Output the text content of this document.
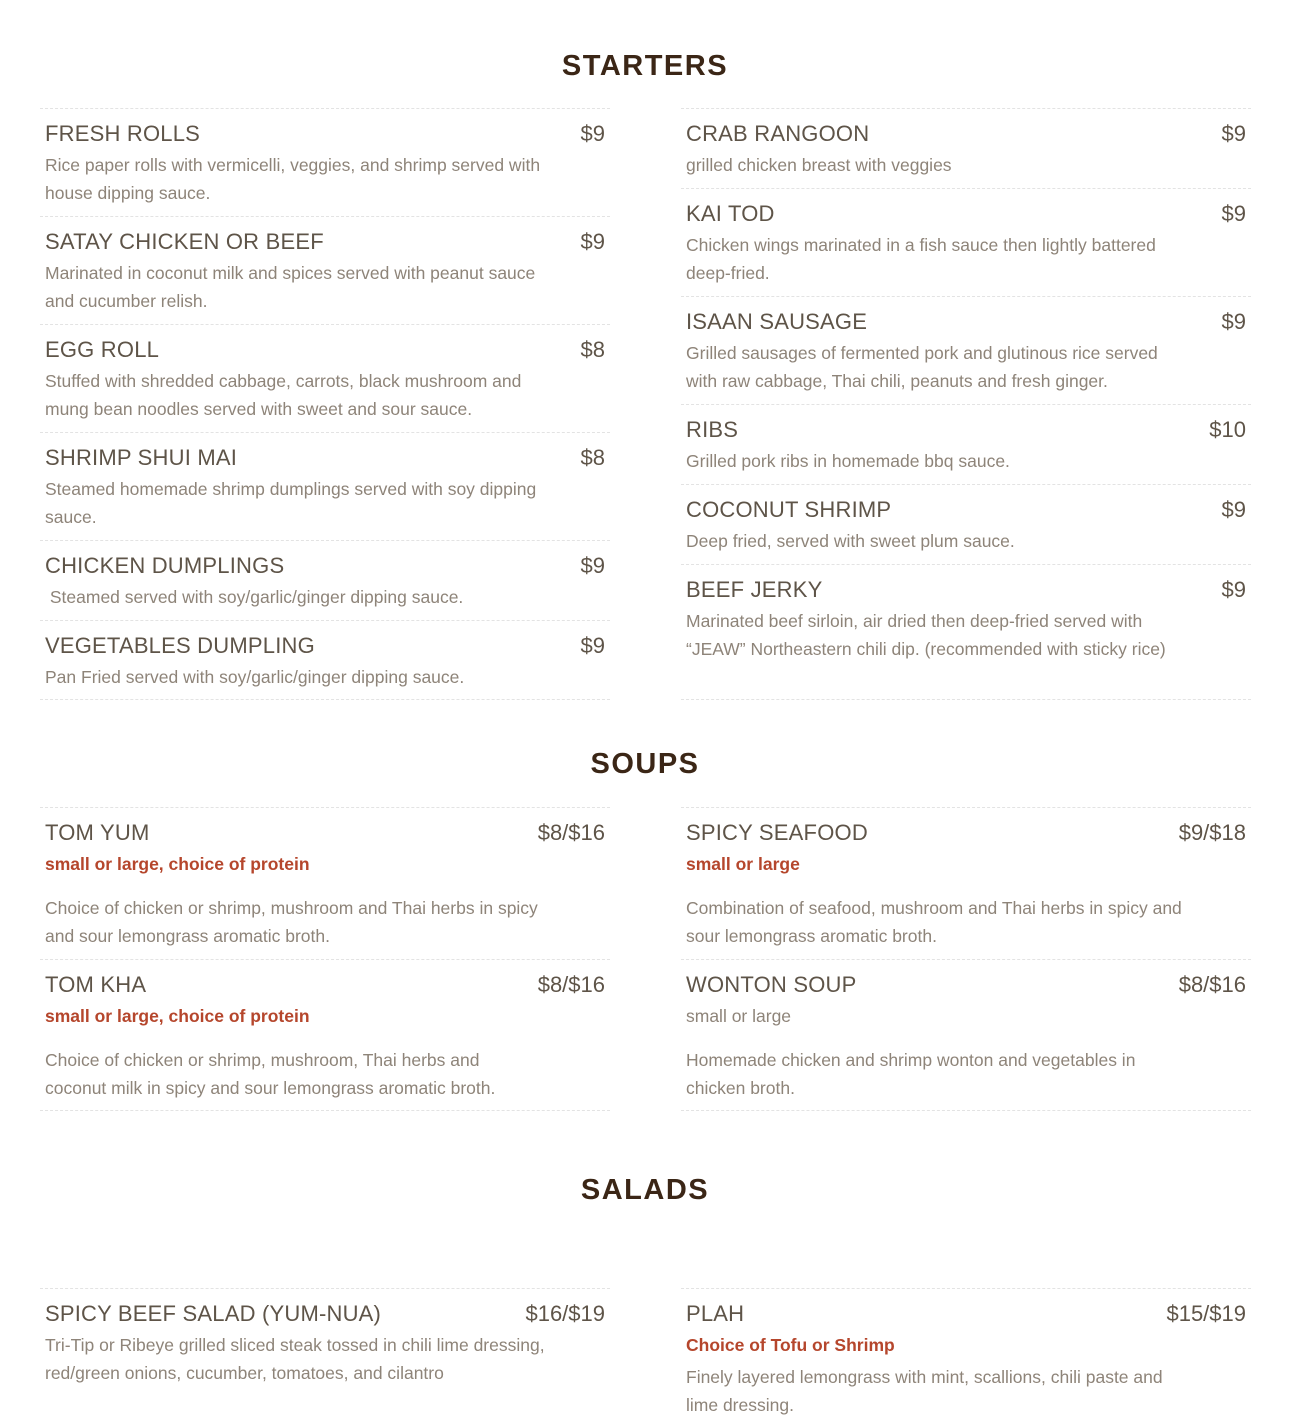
STARTERS
FRESH ROLLS	$9
Rice paper rolls with vermicelli, veggies, and shrimp served with house dipping sauce.
SATAY CHICKEN OR BEEF	$9
Marinated in coconut milk and spices served with peanut sauce and cucumber relish.
EGG ROLL	$8
Stuffed with shredded cabbage, carrots, black mushroom and mung bean noodles served with sweet and sour sauce.
SHRIMP SHUI MAI	$8
Steamed homemade shrimp dumplings served with soy dipping sauce.
CHICKEN DUMPLINGS	$9
Steamed served with soy/garlic/ginger dipping sauce.
VEGETABLES DUMPLING	$9
Pan Fried served with soy/garlic/ginger dipping sauce.
CRAB RANGOON	$9
grilled chicken breast with veggies
KAI TOD	$9
Chicken wings marinated in a fish sauce then lightly battered deep-fried.
ISAAN SAUSAGE	$9
Grilled sausages of fermented pork and glutinous rice served with raw cabbage, Thai chili, peanuts and fresh ginger.
RIBS	$10
Grilled pork ribs in homemade bbq sauce.
COCONUT SHRIMP	$9
Deep fried, served with sweet plum sauce.
BEEF JERKY	$9
Marinated beef sirloin, air dried then deep-fried served with “JEAW” Northeastern chili dip. (recommended with sticky rice)
SOUPS
TOM YUM	$8/$16
small or large, choice of protein
Choice of chicken or shrimp, mushroom and Thai herbs in spicy and sour lemongrass aromatic broth.
TOM KHA	$8/$16
small or large, choice of protein
Choice of chicken or shrimp, mushroom, Thai herbs and coconut milk in spicy and sour lemongrass aromatic broth.
SPICY SEAFOOD	$9/$18
small or large
Combination of seafood, mushroom and Thai herbs in spicy and sour lemongrass aromatic broth.
WONTON SOUP	$8/$16
small or large
Homemade chicken and shrimp wonton and vegetables in chicken broth.
SALADS
SPICY BEEF SALAD (YUM-NUA)	$16/$19
Tri-Tip or Ribeye grilled sliced steak tossed in chili lime dressing, red/green onions, cucumber, tomatoes, and cilantro
PLAH	$15/$19
Choice of Tofu or Shrimp
Finely layered lemongrass with mint, scallions, chili paste and lime dressing.
